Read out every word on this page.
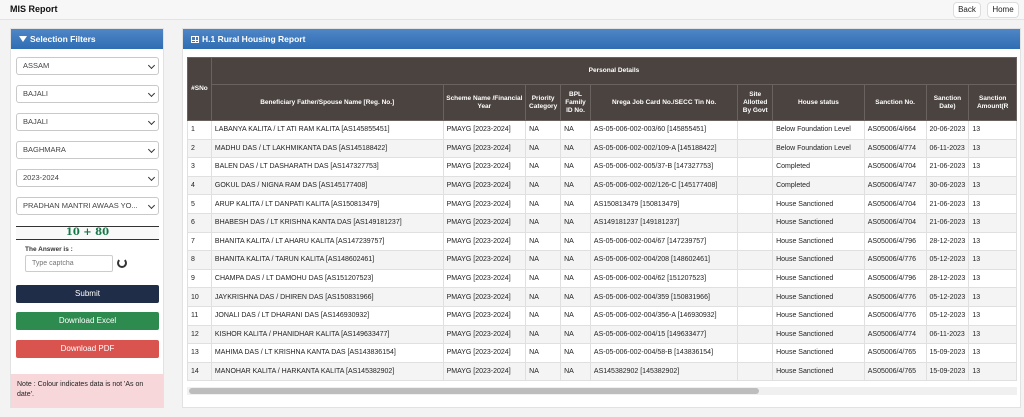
MIS Report	Back	Home
Selection Filters
ASSAM
BAJALI
BAJALI
BAGHMARA
2023-2024
PRADHAN MANTRI AWAAS YO...
10 + 80
The Answer is :
Type captcha
Submit
Download Excel
Download PDF
Note : Colour indicates data is not 'As on date'.
H.1 Rural Housing Report
#SNo	Personal Details									
	Beneficiary Father/Spouse Name [Reg. No.]	Scheme Name /Financial Year	Priority Category	BPL Family ID No.	Nrega Job Card No./SECC Tin No.	Site Allotted By Govt	House status	Sanction No.	Sanction Date)	Sanction Amount(R
1	LABANYA KALITA / LT ATI RAM KALITA [AS145855451]	PMAYG [2023-2024]	NA	NA	AS-05-006-002-003/60 [145855451]		Below Foundation Level	AS05006/4/664	20-06-2023	13
2	MADHU DAS / LT LAKHMIKANTA DAS [AS145188422]	PMAYG [2023-2024]	NA	NA	AS-05-006-002-002/109-A [145188422]		Below Foundation Level	AS05006/4/774	06-11-2023	13
3	BALEN DAS / LT DASHARATH DAS [AS147327753]	PMAYG [2023-2024]	NA	NA	AS-05-006-002-005/37-B [147327753]		Completed	AS05006/4/704	21-06-2023	13
4	GOKUL DAS / NIGNA RAM DAS [AS145177408]	PMAYG [2023-2024]	NA	NA	AS-05-006-002-002/126-C [145177408]		Completed	AS05006/4/747	30-06-2023	13
5	ARUP KALITA / LT DANPATI KALITA [AS150813479]	PMAYG [2023-2024]	NA	NA	AS150813479 [150813479]		House Sanctioned	AS05006/4/704	21-06-2023	13
6	BHABESH DAS / LT KRISHNA KANTA DAS [AS149181237]	PMAYG [2023-2024]	NA	NA	AS149181237 [149181237]		House Sanctioned	AS05006/4/704	21-06-2023	13
7	BHANITA KALITA / LT AHARU KALITA [AS147239757]	PMAYG [2023-2024]	NA	NA	AS-05-006-002-004/67 [147239757]		House Sanctioned	AS05006/4/796	28-12-2023	13
8	BHANITA KALITA / TARUN KALITA [AS148602461]	PMAYG [2023-2024]	NA	NA	AS-05-006-002-004/208 [148602461]		House Sanctioned	AS05006/4/776	05-12-2023	13
9	CHAMPA DAS / LT DAMOHU DAS [AS151207523]	PMAYG [2023-2024]	NA	NA	AS-05-006-002-004/62 [151207523]		House Sanctioned	AS05006/4/796	28-12-2023	13
10	JAYKRISHNA DAS / DHIREN DAS [AS150831966]	PMAYG [2023-2024]	NA	NA	AS-05-006-002-004/359 [150831966]		House Sanctioned	AS05006/4/776	05-12-2023	13
11	JONALI DAS / LT DHARANI DAS [AS146930932]	PMAYG [2023-2024]	NA	NA	AS-05-006-002-004/356-A [146930932]		House Sanctioned	AS05006/4/776	05-12-2023	13
12	KISHOR KALITA / PHANIDHAR KALITA [AS149633477]	PMAYG [2023-2024]	NA	NA	AS-05-006-002-004/15 [149633477]		House Sanctioned	AS05006/4/774	06-11-2023	13
13	MAHIMA DAS / LT KRISHNA KANTA DAS [AS143836154]	PMAYG [2023-2024]	NA	NA	AS-05-006-002-004/58-B [143836154]		House Sanctioned	AS05006/4/765	15-09-2023	13
14	MANOHAR KALITA / HARKANTA KALITA [AS145382902]	PMAYG [2023-2024]	NA	NA	AS145382902 [145382902]		House Sanctioned	AS05006/4/765	15-09-2023	13
